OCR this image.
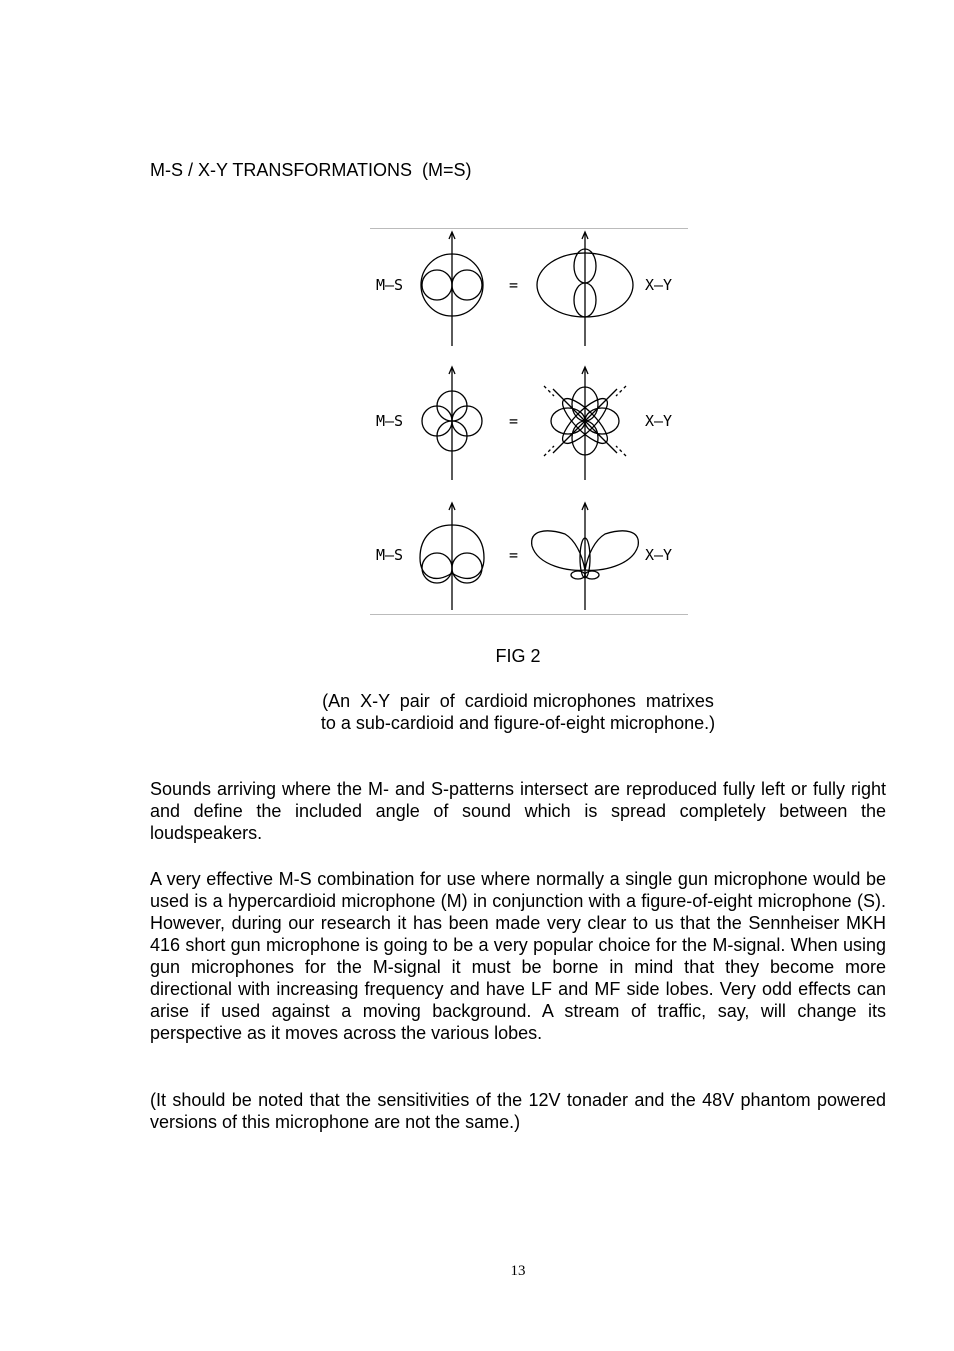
M-S / X-Y TRANSFORMATIONS  (M=S)
M–S	=	X–Y
M–S	=	X–Y
M–S	=	X–Y
FIG 2
(An  X-Y  pair  of  cardioid microphones  matrixes
to a sub-cardioid and figure-of-eight microphone.)

Sounds arriving where the M- and S-patterns intersect are reproduced fully left or fully right and define the included angle of sound which is spread completely between the loudspeakers.

A very effective M-S combination for use where normally a single gun microphone would be used is a hypercardioid microphone (M) in conjunction with a figure-of-eight microphone (S). However, during our research it has been made very clear to us that the Sennheiser MKH 416 short gun microphone is going to be a very popular choice for the M-signal. When using gun microphones for the M-signal it must be borne in mind that they become more directional with increasing frequency and have LF and MF side lobes. Very odd effects can arise if used against a moving background. A stream of traffic, say, will change its perspective as it moves across the various lobes.

(It should be noted that the sensitivities of the 12V tonader and the 48V phantom powered versions of this microphone are not the same.)

13
